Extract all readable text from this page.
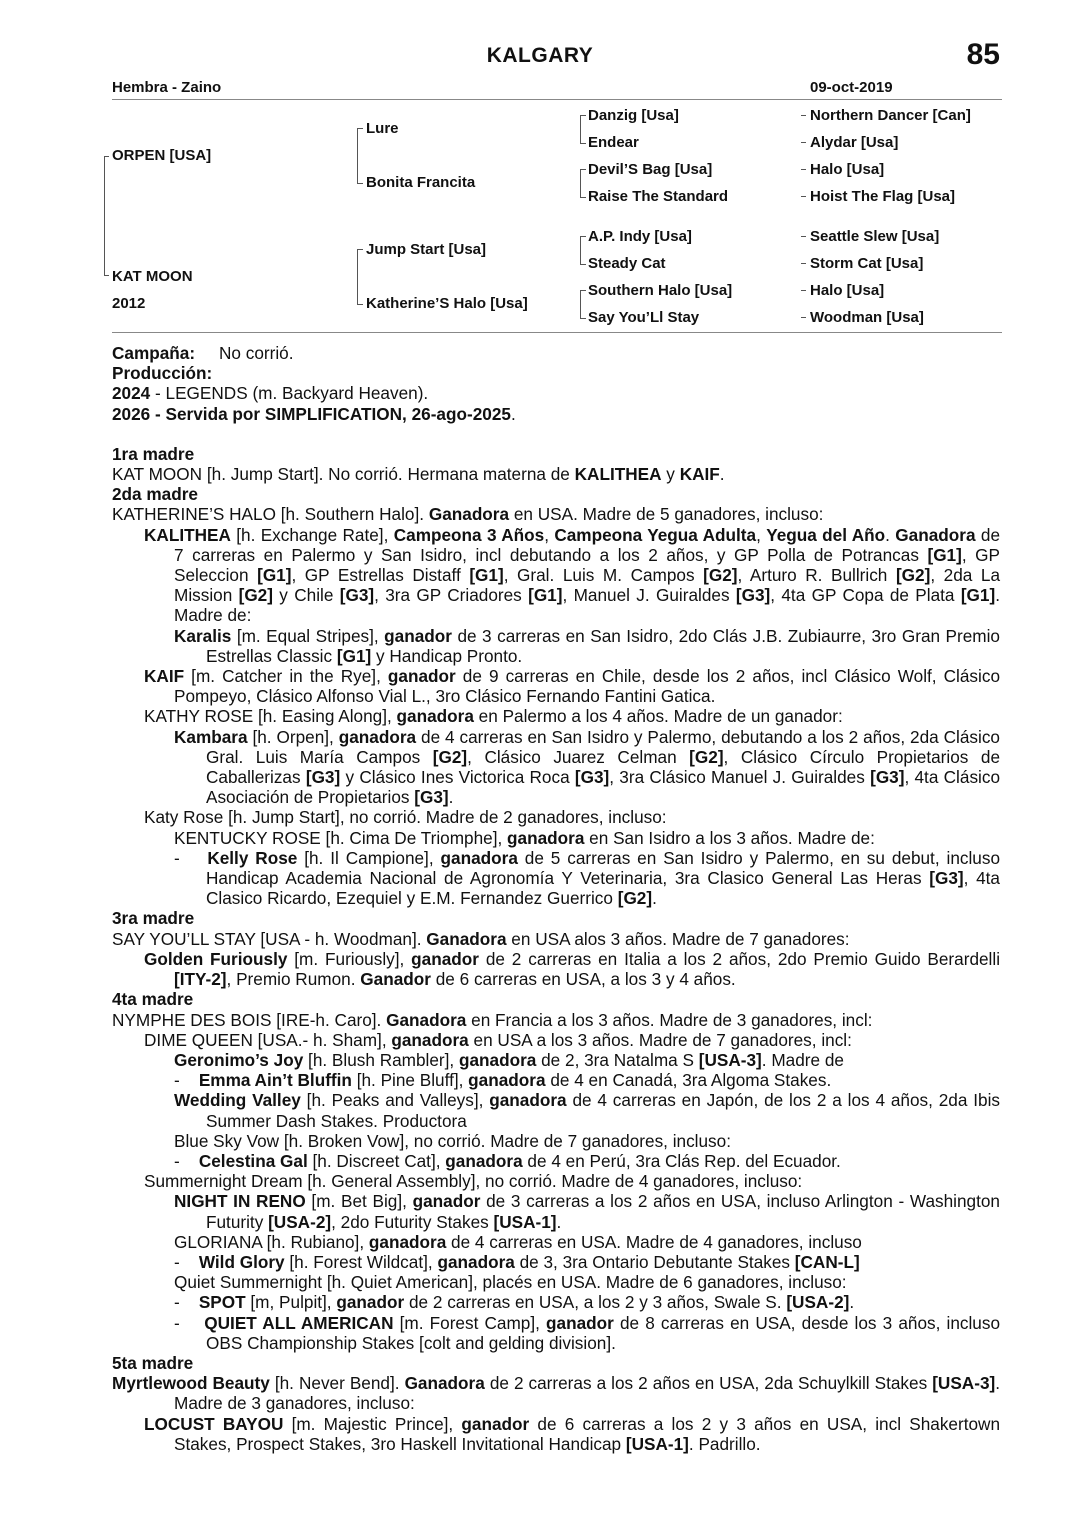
KALGARY	85
Hembra - Zaino	09-oct-2019
ORPEN [USA]
KAT MOON
2012
Lure
Bonita Francita
Jump Start [Usa]
Katherine’S Halo [Usa]
Danzig [Usa]
Endear
Devil’S Bag [Usa]
Raise The Standard
A.P. Indy [Usa]
Steady Cat
Southern Halo [Usa]
Say You’Ll Stay
Northern Dancer [Can]
Alydar [Usa]
Halo [Usa]
Hoist The Flag [Usa]
Seattle Slew [Usa]
Storm Cat [Usa]
Halo [Usa]
Woodman [Usa]

Campaña: No corrió.

Producción:

2024 - LEGENDS (m. Backyard Heaven).

2026 - Servida por SIMPLIFICATION, 26-ago-2025.

1ra madre

KAT MOON [h. Jump Start]. No corrió. Hermana materna de KALITHEA y KAIF.

2da madre

KATHERINE’S HALO [h. Southern Halo]. Ganadora en USA. Madre de 5 ganadores, incluso:

KALITHEA [h. Exchange Rate], Campeona 3 Años, Campeona Yegua Adulta, Yegua del Año. Ganadora de 7 carreras en Palermo y San Isidro, incl debutando a los 2 años, y GP Polla de Potrancas [G1], GP Seleccion [G1], GP Estrellas Distaff [G1], Gral. Luis M. Campos [G2], Arturo R. Bullrich [G2], 2da La Mission [G2] y Chile [G3], 3ra GP Criadores [G1], Manuel J. Guiraldes [G3], 4ta GP Copa de Plata [G1]. Madre de:

Karalis [m. Equal Stripes], ganador de 3 carreras en San Isidro, 2do Clás J.B. Zubiaurre, 3ro Gran Premio Estrellas Classic [G1] y Handicap Pronto.

KAIF [m. Catcher in the Rye], ganador de 9 carreras en Chile, desde los 2 años, incl Clásico Wolf, Clásico Pompeyo, Clásico Alfonso Vial L., 3ro Clásico Fernando Fantini Gatica.

KATHY ROSE [h. Easing Along], ganadora en Palermo a los 4 años. Madre de un ganador:

Kambara [h. Orpen], ganadora de 4 carreras en San Isidro y Palermo, debutando a los 2 años, 2da Clásico Gral. Luis María Campos [G2], Clásico Juarez Celman [G2], Clásico Círculo Propietarios de Caballerizas [G3] y Clásico Ines Victorica Roca [G3], 3ra Clásico Manuel J. Guiraldes [G3], 4ta Clásico Asociación de Propietarios [G3].

Katy Rose [h. Jump Start], no corrió. Madre de 2 ganadores, incluso:

KENTUCKY ROSE [h. Cima De Triomphe], ganadora en San Isidro a los 3 años. Madre de:

-    Kelly Rose [h. Il Campione], ganadora de 5 carreras en San Isidro y Palermo, en su debut, incluso Handicap Academia Nacional de Agronomía Y Veterinaria, 3ra Clasico General Las Heras [G3], 4ta Clasico Ricardo, Ezequiel y E.M. Fernandez Guerrico [G2].

3ra madre

SAY YOU’LL STAY [USA - h. Woodman]. Ganadora en USA alos 3 años. Madre de 7 ganadores:

Golden Furiously [m. Furiously], ganador de 2 carreras en Italia a los 2 años, 2do Premio Guido Berardelli [ITY-2], Premio Rumon. Ganador de 6 carreras en USA, a los 3 y 4 años.

4ta madre

NYMPHE DES BOIS [IRE-h. Caro]. Ganadora en Francia a los 3 años. Madre de 3 ganadores, incl:

DIME QUEEN [USA.- h. Sham], ganadora en USA a los 3 años. Madre de 7 ganadores, incl:

Geronimo’s Joy [h. Blush Rambler], ganadora de 2, 3ra Natalma S [USA-3]. Madre de

-    Emma Ain’t Bluffin [h. Pine Bluff], ganadora de 4 en Canadá, 3ra Algoma Stakes.

Wedding Valley [h. Peaks and Valleys], ganadora de 4 carreras en Japón, de los 2 a los 4 años, 2da Ibis Summer Dash Stakes. Productora

Blue Sky Vow [h. Broken Vow], no corrió. Madre de 7 ganadores, incluso:

-    Celestina Gal [h. Discreet Cat], ganadora de 4 en Perú, 3ra Clás Rep. del Ecuador.

Summernight Dream [h. General Assembly], no corrió. Madre de 4 ganadores, incluso:

NIGHT IN RENO [m. Bet Big], ganador de 3 carreras a los 2 años en USA, incluso Arlington - Washington Futurity [USA-2], 2do Futurity Stakes [USA-1].

GLORIANA [h. Rubiano], ganadora de 4 carreras en USA. Madre de 4 ganadores, incluso

-    Wild Glory [h. Forest Wildcat], ganadora de 3, 3ra Ontario Debutante Stakes [CAN-L]

Quiet Summernight [h. Quiet American], placés en USA. Madre de 6 ganadores, incluso:

-    SPOT [m, Pulpit], ganador de 2 carreras en USA, a los 2 y 3 años, Swale S. [USA-2].

-    QUIET ALL AMERICAN [m. Forest Camp], ganador de 8 carreras en USA, desde los 3 años, incluso OBS Championship Stakes [colt and gelding division].

5ta madre

Myrtlewood Beauty [h. Never Bend]. Ganadora de 2 carreras a los 2 años en USA, 2da Schuylkill Stakes [USA-3]. Madre de 3 ganadores, incluso:

LOCUST BAYOU [m. Majestic Prince], ganador de 6 carreras a los 2 y 3 años en USA, incl Shakertown Stakes, Prospect Stakes, 3ro Haskell Invitational Handicap [USA-1]. Padrillo.
